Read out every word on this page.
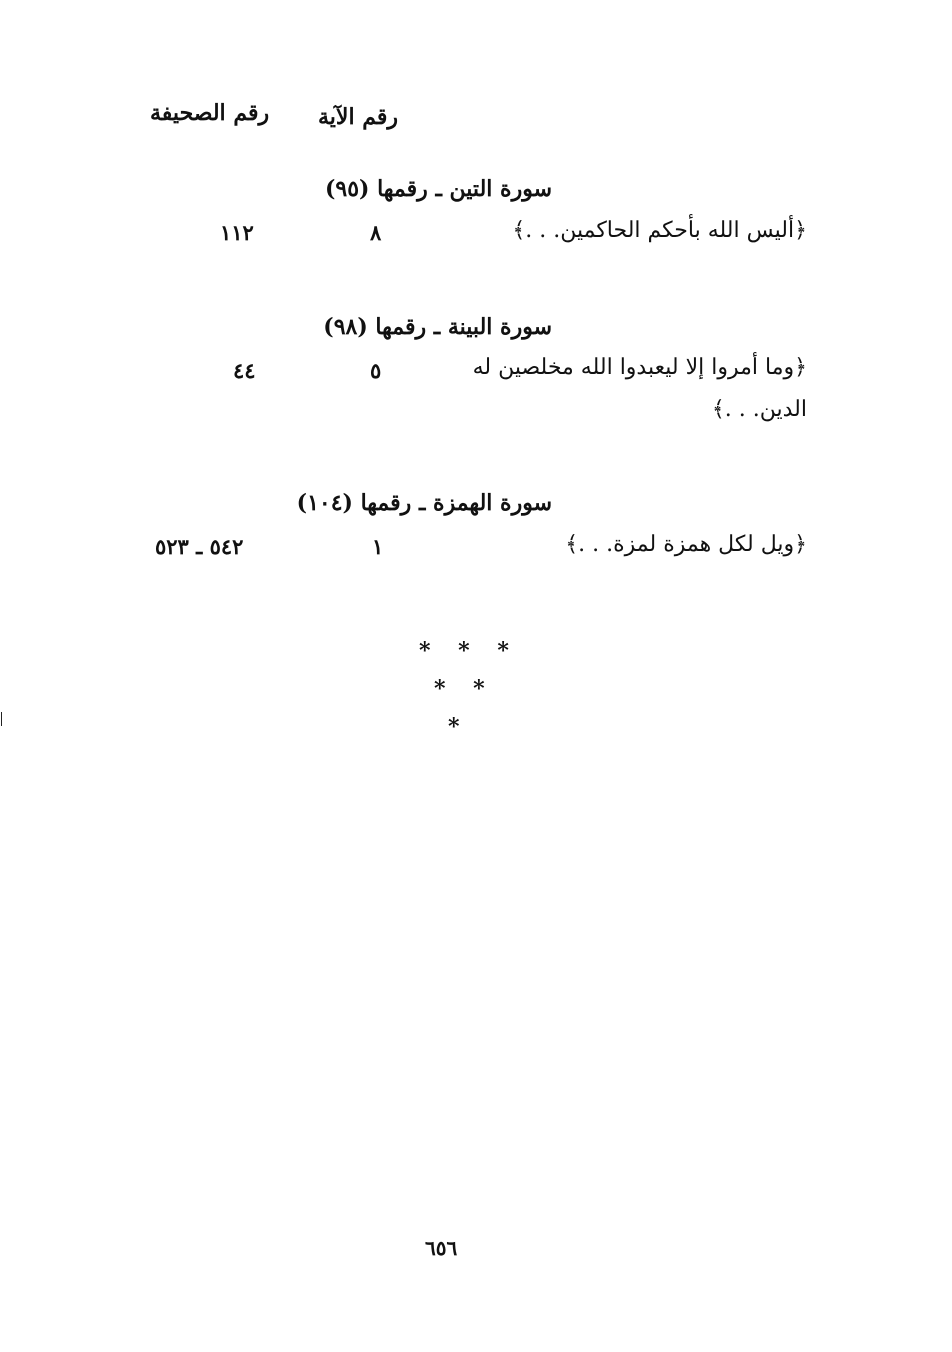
رقم الصحيفة رقم الآية
سورة التين ـ رقمها (٩٥)
﴿أليس الله بأحكم الحاكمين. . .﴾
٨
١١٢
سورة البينة ـ رقمها (٩٨)
﴿وما أمروا إلا ليعبدوا الله مخلصين له
الدين. . .﴾
٥
٤٤
سورة الهمزة ـ رقمها (١٠٤)
﴿ويل لكل همزة لمزة. . .﴾
١
٥٤٢ ـ ٥٢٣
* * *
* *
*
٦٥٦
